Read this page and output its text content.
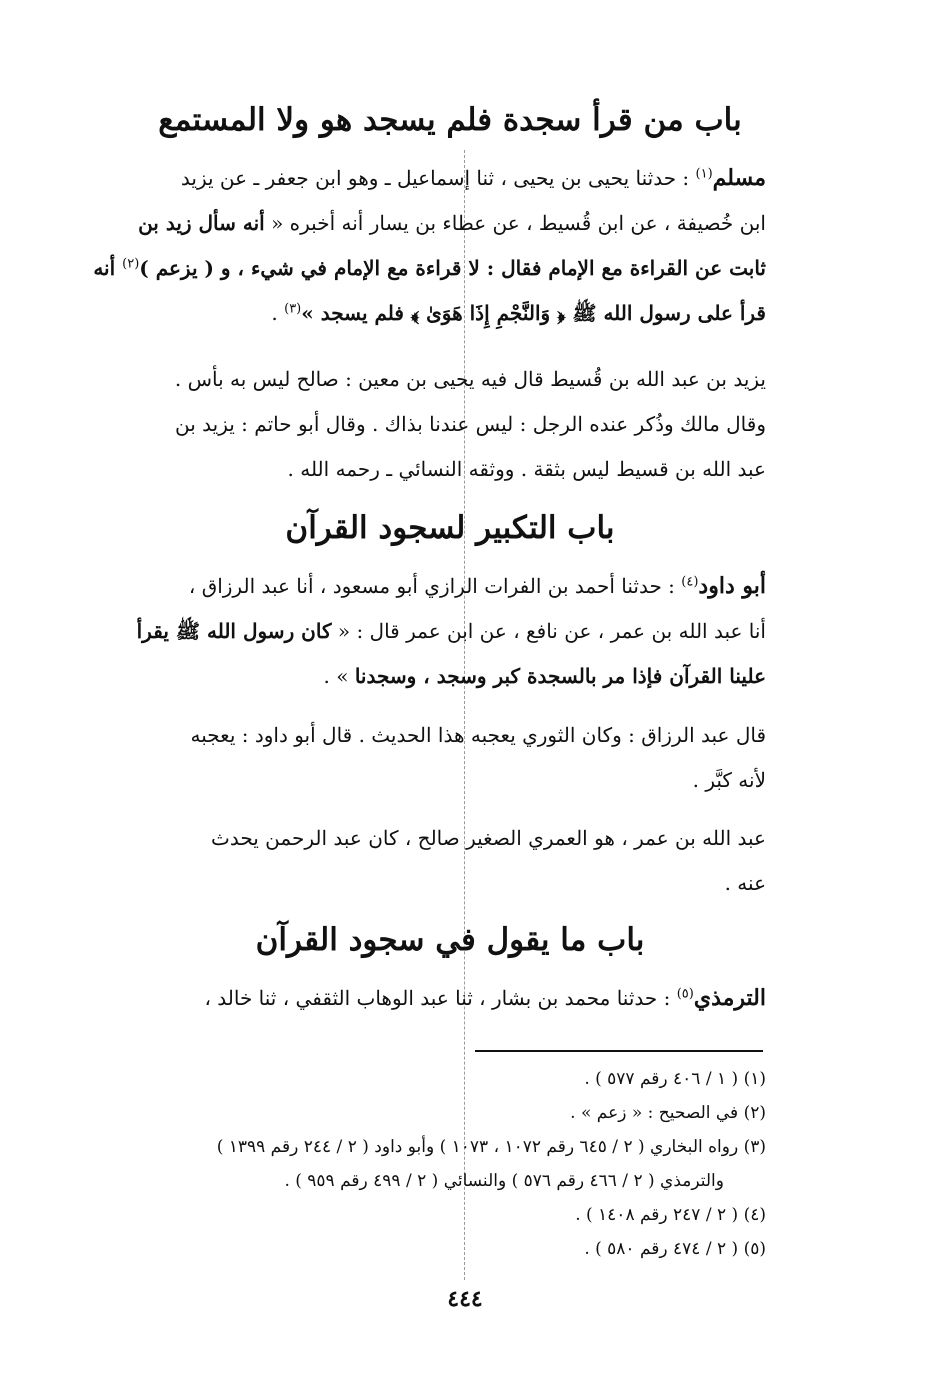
باب من قرأ سجدة فلم يسجد هو ولا المستمع
مسلم$^{(١)}$ : حدثنا يحيى بن يحيى ، ثنا إسماعيل ـ وهو ابن جعفر ـ عن يزيد
ابن خُصيفة ، عن ابن قُسيط ، عن عطاء بن يسار أنه أخبره « أنه سأل زيد بن
ثابت عن القراءة مع الإمام فقال : لا قراءة مع الإمام في شيء ، و ( يزعم )$^{(٢)}$ أنه
قرأ على رسول الله ﷺ ﴿ وَالنَّجْمِ إِذَا هَوَىٰ ﴾ فلم يسجد »$^{(٣)}$ .
يزيد بن عبد الله بن قُسيط قال فيه يحيى بن معين : صالح ليس به بأس .
وقال مالك وذُكر عنده الرجل : ليس عندنا بذاك . وقال أبو حاتم : يزيد بن
عبد الله بن قسيط ليس بثقة . ووثقه النسائي ـ رحمه الله .
باب التكبير لسجود القرآن
أبو داود$^{(٤)}$ : حدثنا أحمد بن الفرات الرازي أبو مسعود ، أنا عبد الرزاق ،
أنا عبد الله بن عمر ، عن نافع ، عن ابن عمر قال : « كان رسول الله ﷺ يقرأ
علينا القرآن فإذا مر بالسجدة كبر وسجد ، وسجدنا » .
قال عبد الرزاق : وكان الثوري يعجبه هذا الحديث . قال أبو داود : يعجبه
لأنه كبَّر .
عبد الله بن عمر ، هو العمري الصغير صالح ، كان عبد الرحمن يحدث
عنه .
باب ما يقول في سجود القرآن
الترمذي$^{(٥)}$ : حدثنا محمد بن بشار ، ثنا عبد الوهاب الثقفي ، ثنا خالد ،
(١) ( ١ / ٤٠٦ رقم ٥٧٧ ) .
(٢) في الصحيح : « زعم » .
(٣) رواه البخاري ( ٢ / ٦٤٥ رقم ١٠٧٢ ، ١٠٧٣ ) وأبو داود ( ٢ / ٢٤٤ رقم ١٣٩٩ )
والترمذي ( ٢ / ٤٦٦ رقم ٥٧٦ ) والنسائي ( ٢ / ٤٩٩ رقم ٩٥٩ ) .
(٤) ( ٢ / ٢٤٧ رقم ١٤٠٨ ) .
(٥) ( ٢ / ٤٧٤ رقم ٥٨٠ ) .
٤٤٤
